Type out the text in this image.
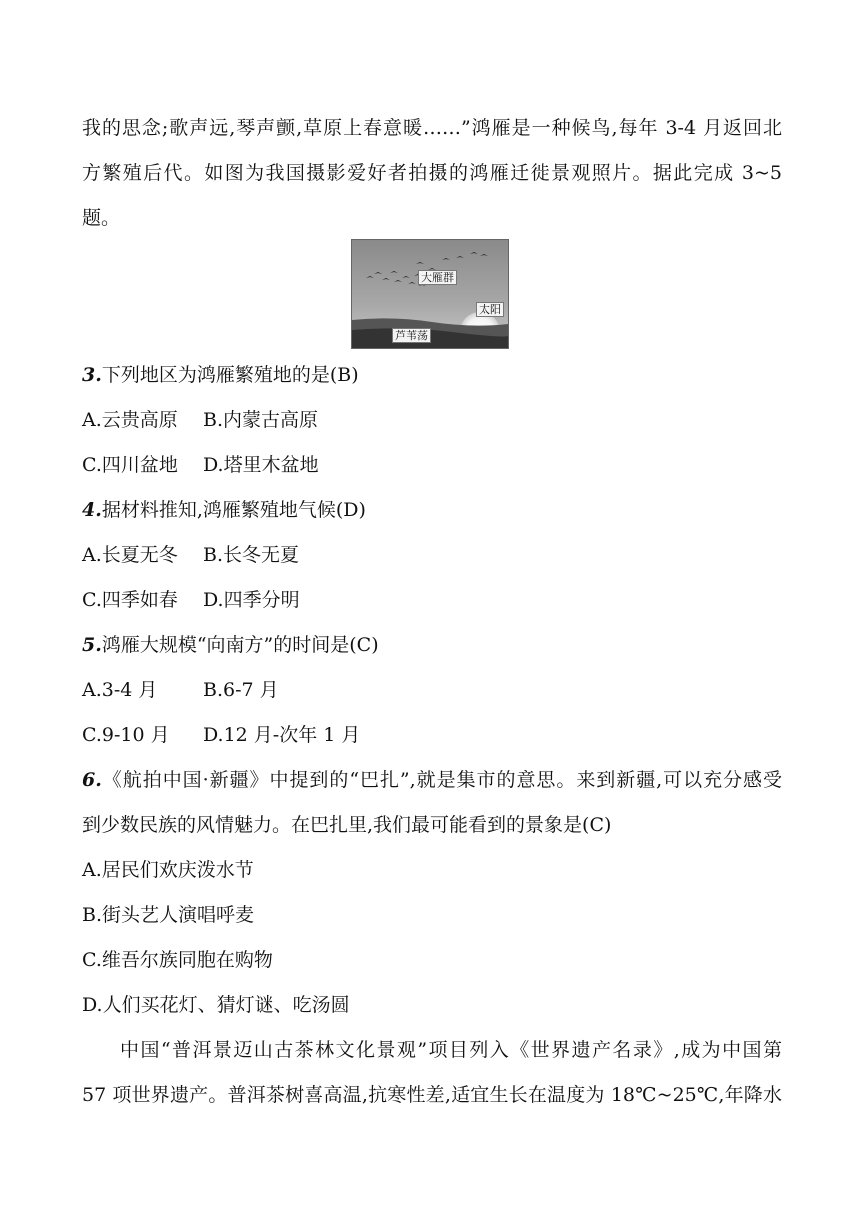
我的思念;歌声远,琴声颤,草原上春意暖……”鸿雁是一种候鸟,每年 3-4 月返回北
方繁殖后代。如图为我国摄影爱好者拍摄的鸿雁迁徙景观照片。据此完成 3~5
题。
大雁群
太阳
芦苇荡
3.下列地区为鸿雁繁殖地的是(B)
A.云贵高原 B.内蒙古高原
C.四川盆地 D.塔里木盆地
4.据材料推知,鸿雁繁殖地气候(D)
A.长夏无冬 B.长冬无夏
C.四季如春 D.四季分明
5.鸿雁大规模“向南方”的时间是(C)
A.3-4 月 B.6-7 月
C.9-10 月 D.12 月-次年 1 月
6.《航拍中国·新疆》中提到的“巴扎”,就是集市的意思。来到新疆,可以充分感受
到少数民族的风情魅力。在巴扎里,我们最可能看到的景象是(C)
A.居民们欢庆泼水节
B.街头艺人演唱呼麦
C.维吾尔族同胞在购物
D.人们买花灯、猜灯谜、吃汤圆
中国“普洱景迈山古茶林文化景观”项目列入《世界遗产名录》,成为中国第
57 项世界遗产。普洱茶树喜高温,抗寒性差,适宜生长在温度为 18℃~25℃,年降水
